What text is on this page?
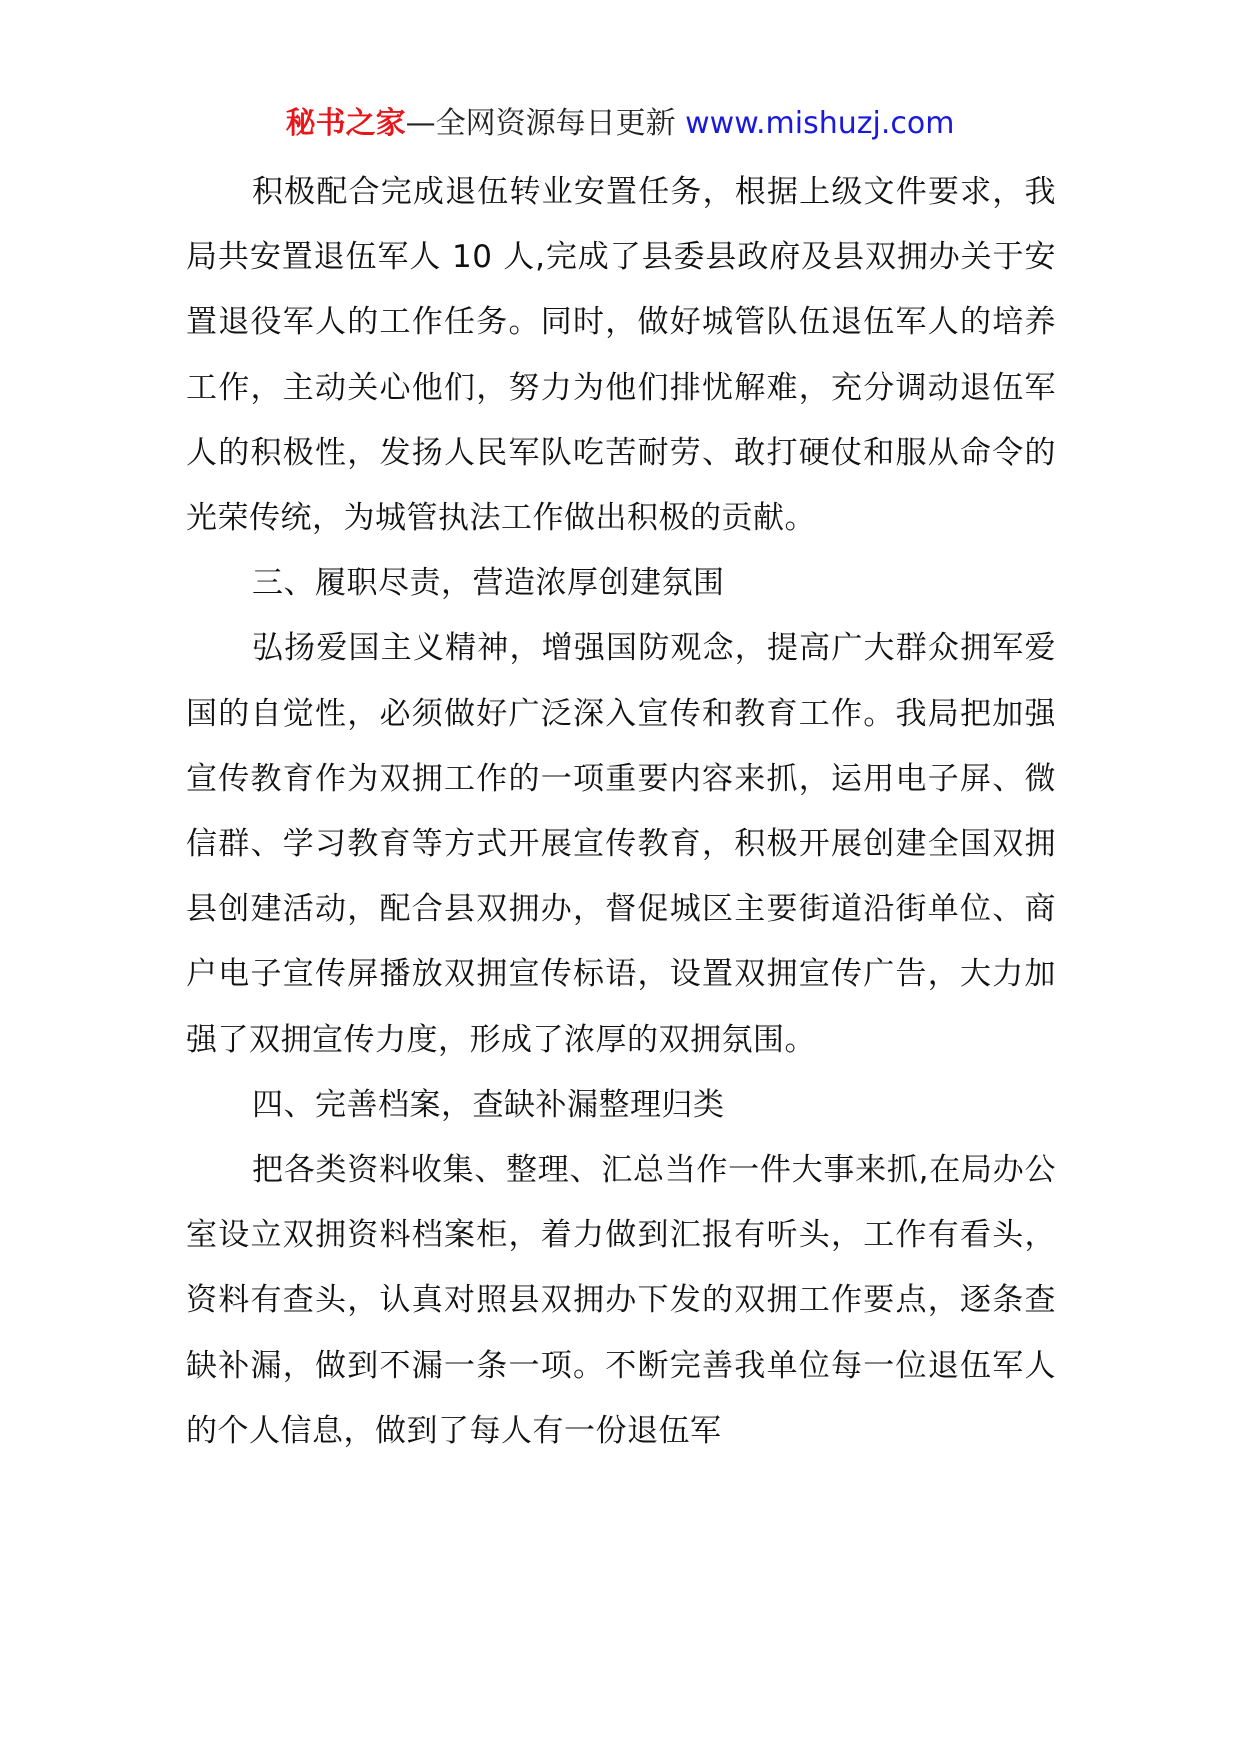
秘书之家—全网资源每日更新 www.mishuzj.com

积极配合完成退伍转业安置任务，根据上级文件要求，我局共安置退伍军人 10 人,完成了县委县政府及县双拥办关于安置退役军人的工作任务。同时，做好城管队伍退伍军人的培养工作，主动关心他们，努力为他们排忧解难，充分调动退伍军人的积极性，发扬人民军队吃苦耐劳、敢打硬仗和服从命令的光荣传统，为城管执法工作做出积极的贡献。

三、履职尽责，营造浓厚创建氛围

弘扬爱国主义精神，增强国防观念，提高广大群众拥军爱国的自觉性，必须做好广泛深入宣传和教育工作。我局把加强宣传教育作为双拥工作的一项重要内容来抓，运用电子屏、微信群、学习教育等方式开展宣传教育，积极开展创建全国双拥县创建活动，配合县双拥办，督促城区主要街道沿街单位、商户电子宣传屏播放双拥宣传标语，设置双拥宣传广告，大力加强了双拥宣传力度，形成了浓厚的双拥氛围。

四、完善档案，查缺补漏整理归类

把各类资料收集、整理、汇总当作一件大事来抓,在局办公室设立双拥资料档案柜，着力做到汇报有听头，工作有看头，资料有查头，认真对照县双拥办下发的双拥工作要点，逐条查缺补漏，做到不漏一条一项。不断完善我单位每一位退伍军人的个人信息，做到了每人有一份退伍军
